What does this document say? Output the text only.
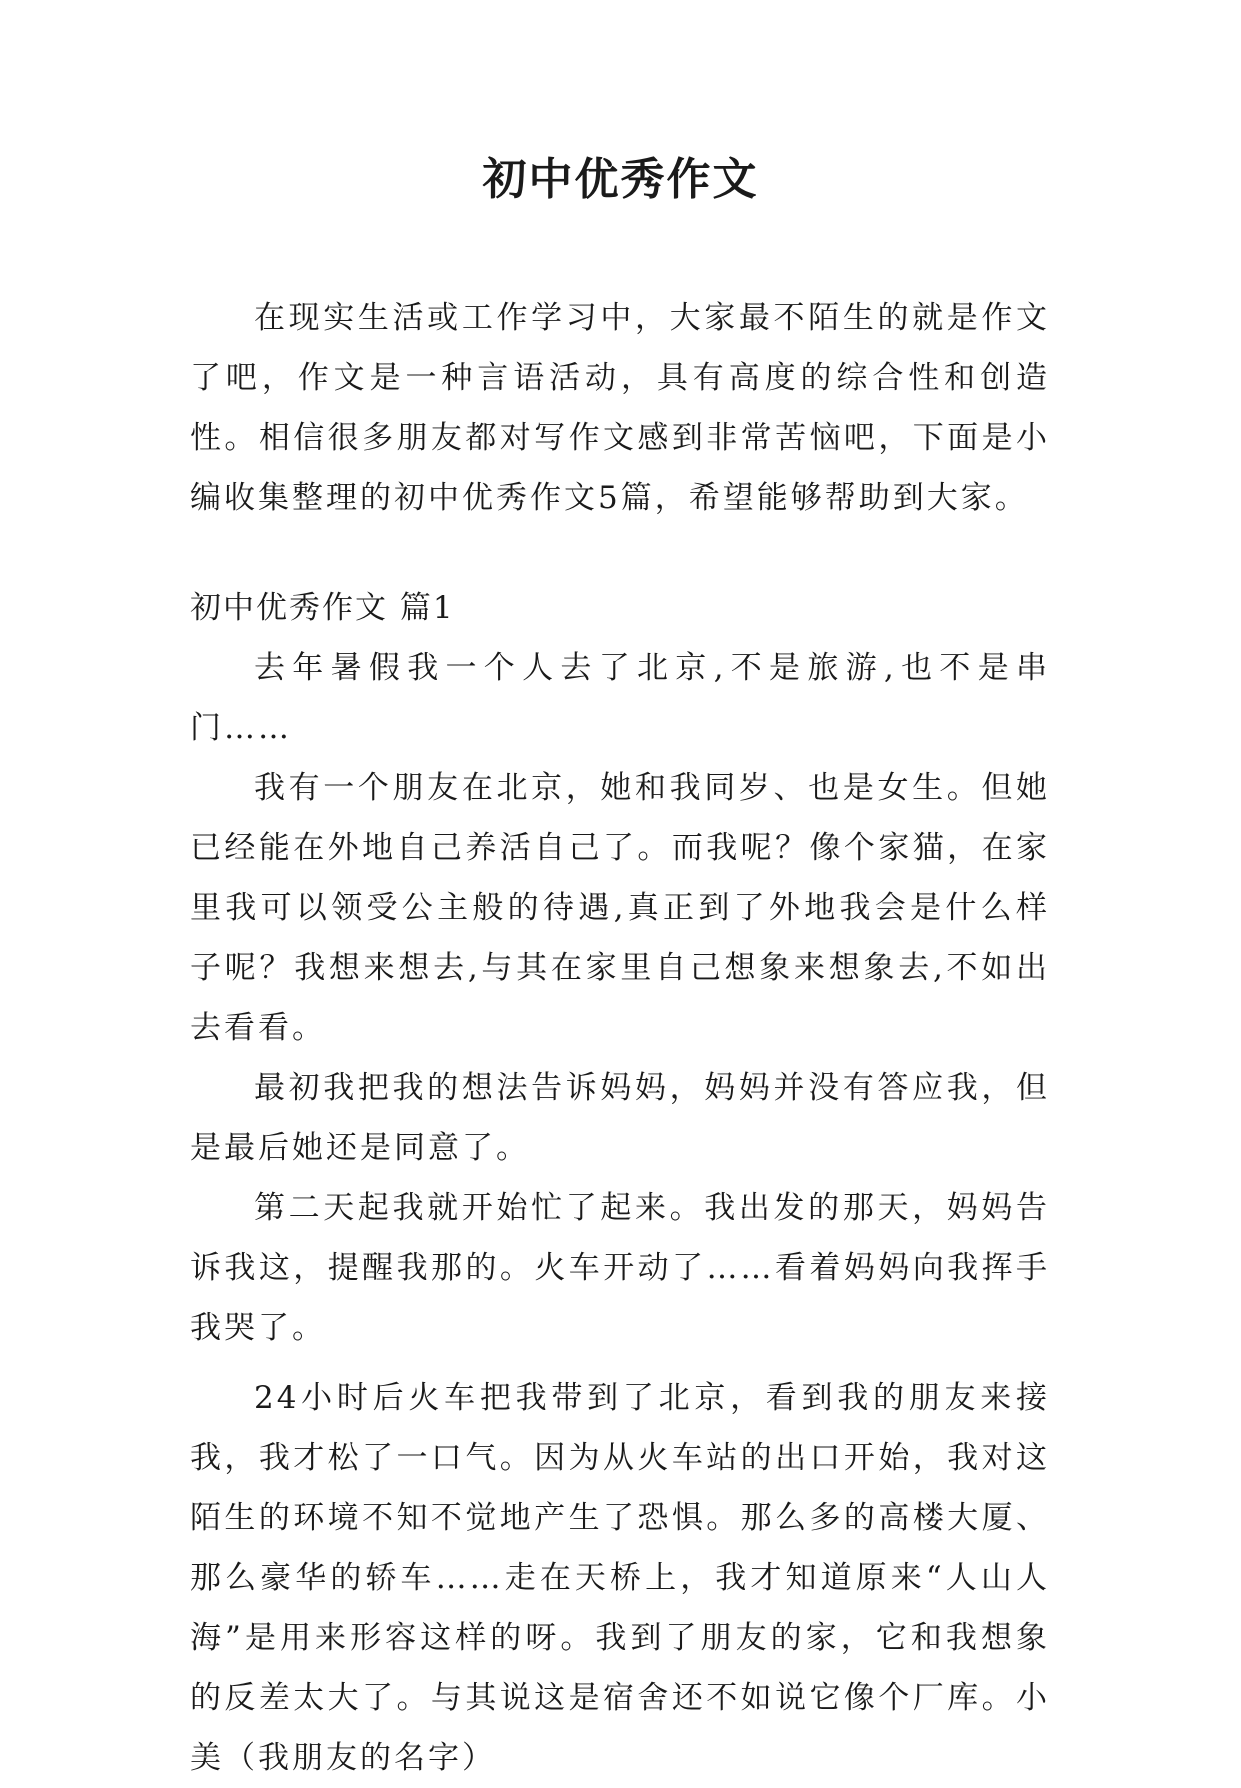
初中优秀作文

在现实生活或工作学习中，大家最不陌生的就是作文了吧，作文是一种言语活动，具有高度的综合性和创造性。相信很多朋友都对写作文感到非常苦恼吧，下面是小编收集整理的初中优秀作文5篇，希望能够帮助到大家。

初中优秀作文 篇1

去年暑假我一个人去了北京,不是旅游,也不是串门……

我有一个朋友在北京，她和我同岁、也是女生。但她已经能在外地自己养活自己了。而我呢？像个家猫，在家里我可以领受公主般的待遇,真正到了外地我会是什么样子呢？我想来想去,与其在家里自己想象来想象去,不如出去看看。

最初我把我的想法告诉妈妈，妈妈并没有答应我，但是最后她还是同意了。

第二天起我就开始忙了起来。我出发的那天，妈妈告诉我这，提醒我那的。火车开动了……看着妈妈向我挥手我哭了。

24小时后火车把我带到了北京，看到我的朋友来接我，我才松了一口气。因为从火车站的出口开始，我对这陌生的环境不知不觉地产生了恐惧。那么多的高楼大厦、那么豪华的轿车……走在天桥上，我才知道原来“人山人海”是用来形容这样的呀。我到了朋友的家，它和我想象的反差太大了。与其说这是宿舍还不如说它像个厂库。小美（我朋友的名字）
